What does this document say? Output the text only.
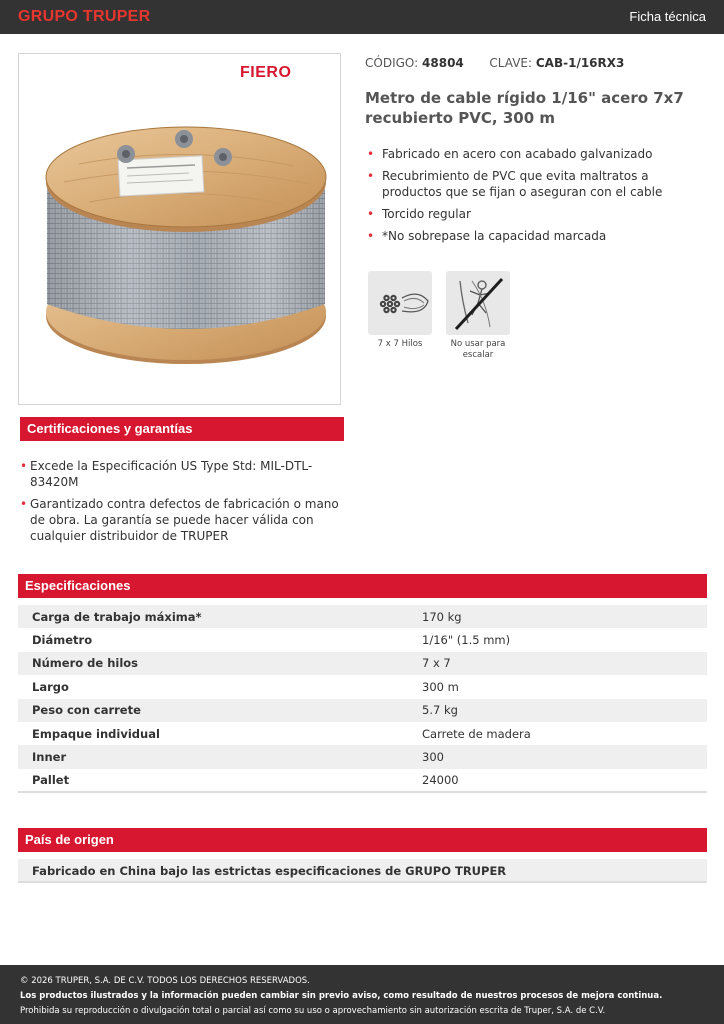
GRUPO TRUPER	Ficha técnica
FIERO
CÓDIGO: 48804 CLAVE: CAB-1/16RX3
Metro de cable rígido 1/16" acero 7x7 recubierto PVC, 300 m
• Fabricado en acero con acabado galvanizado
• Recubrimiento de PVC que evita maltratos a productos que se fijan o aseguran con el cable
• Torcido regular
• *No sobrepase la capacidad marcada
7 x 7 Hilos	No usar para escalar
Certificaciones y garantías
• Excede la Especificación US Type Std: MIL-DTL-83420M
• Garantizado contra defectos de fabricación o mano de obra. La garantía se puede hacer válida con cualquier distribuidor de TRUPER
Especificaciones
Carga de trabajo máxima*	170 kg
Diámetro	1/16" (1.5 mm)
Número de hilos	7 x 7
Largo	300 m
Peso con carrete	5.7 kg
Empaque individual	Carrete de madera
Inner	300
Pallet	24000
País de origen
Fabricado en China bajo las estrictas especificaciones de GRUPO TRUPER
© 2026 TRUPER, S.A. DE C.V. TODOS LOS DERECHOS RESERVADOS.
Los productos ilustrados y la información pueden cambiar sin previo aviso, como resultado de nuestros procesos de mejora continua.
Prohibida su reproducción o divulgación total o parcial así como su uso o aprovechamiento sin autorización escrita de Truper, S.A. de C.V.
